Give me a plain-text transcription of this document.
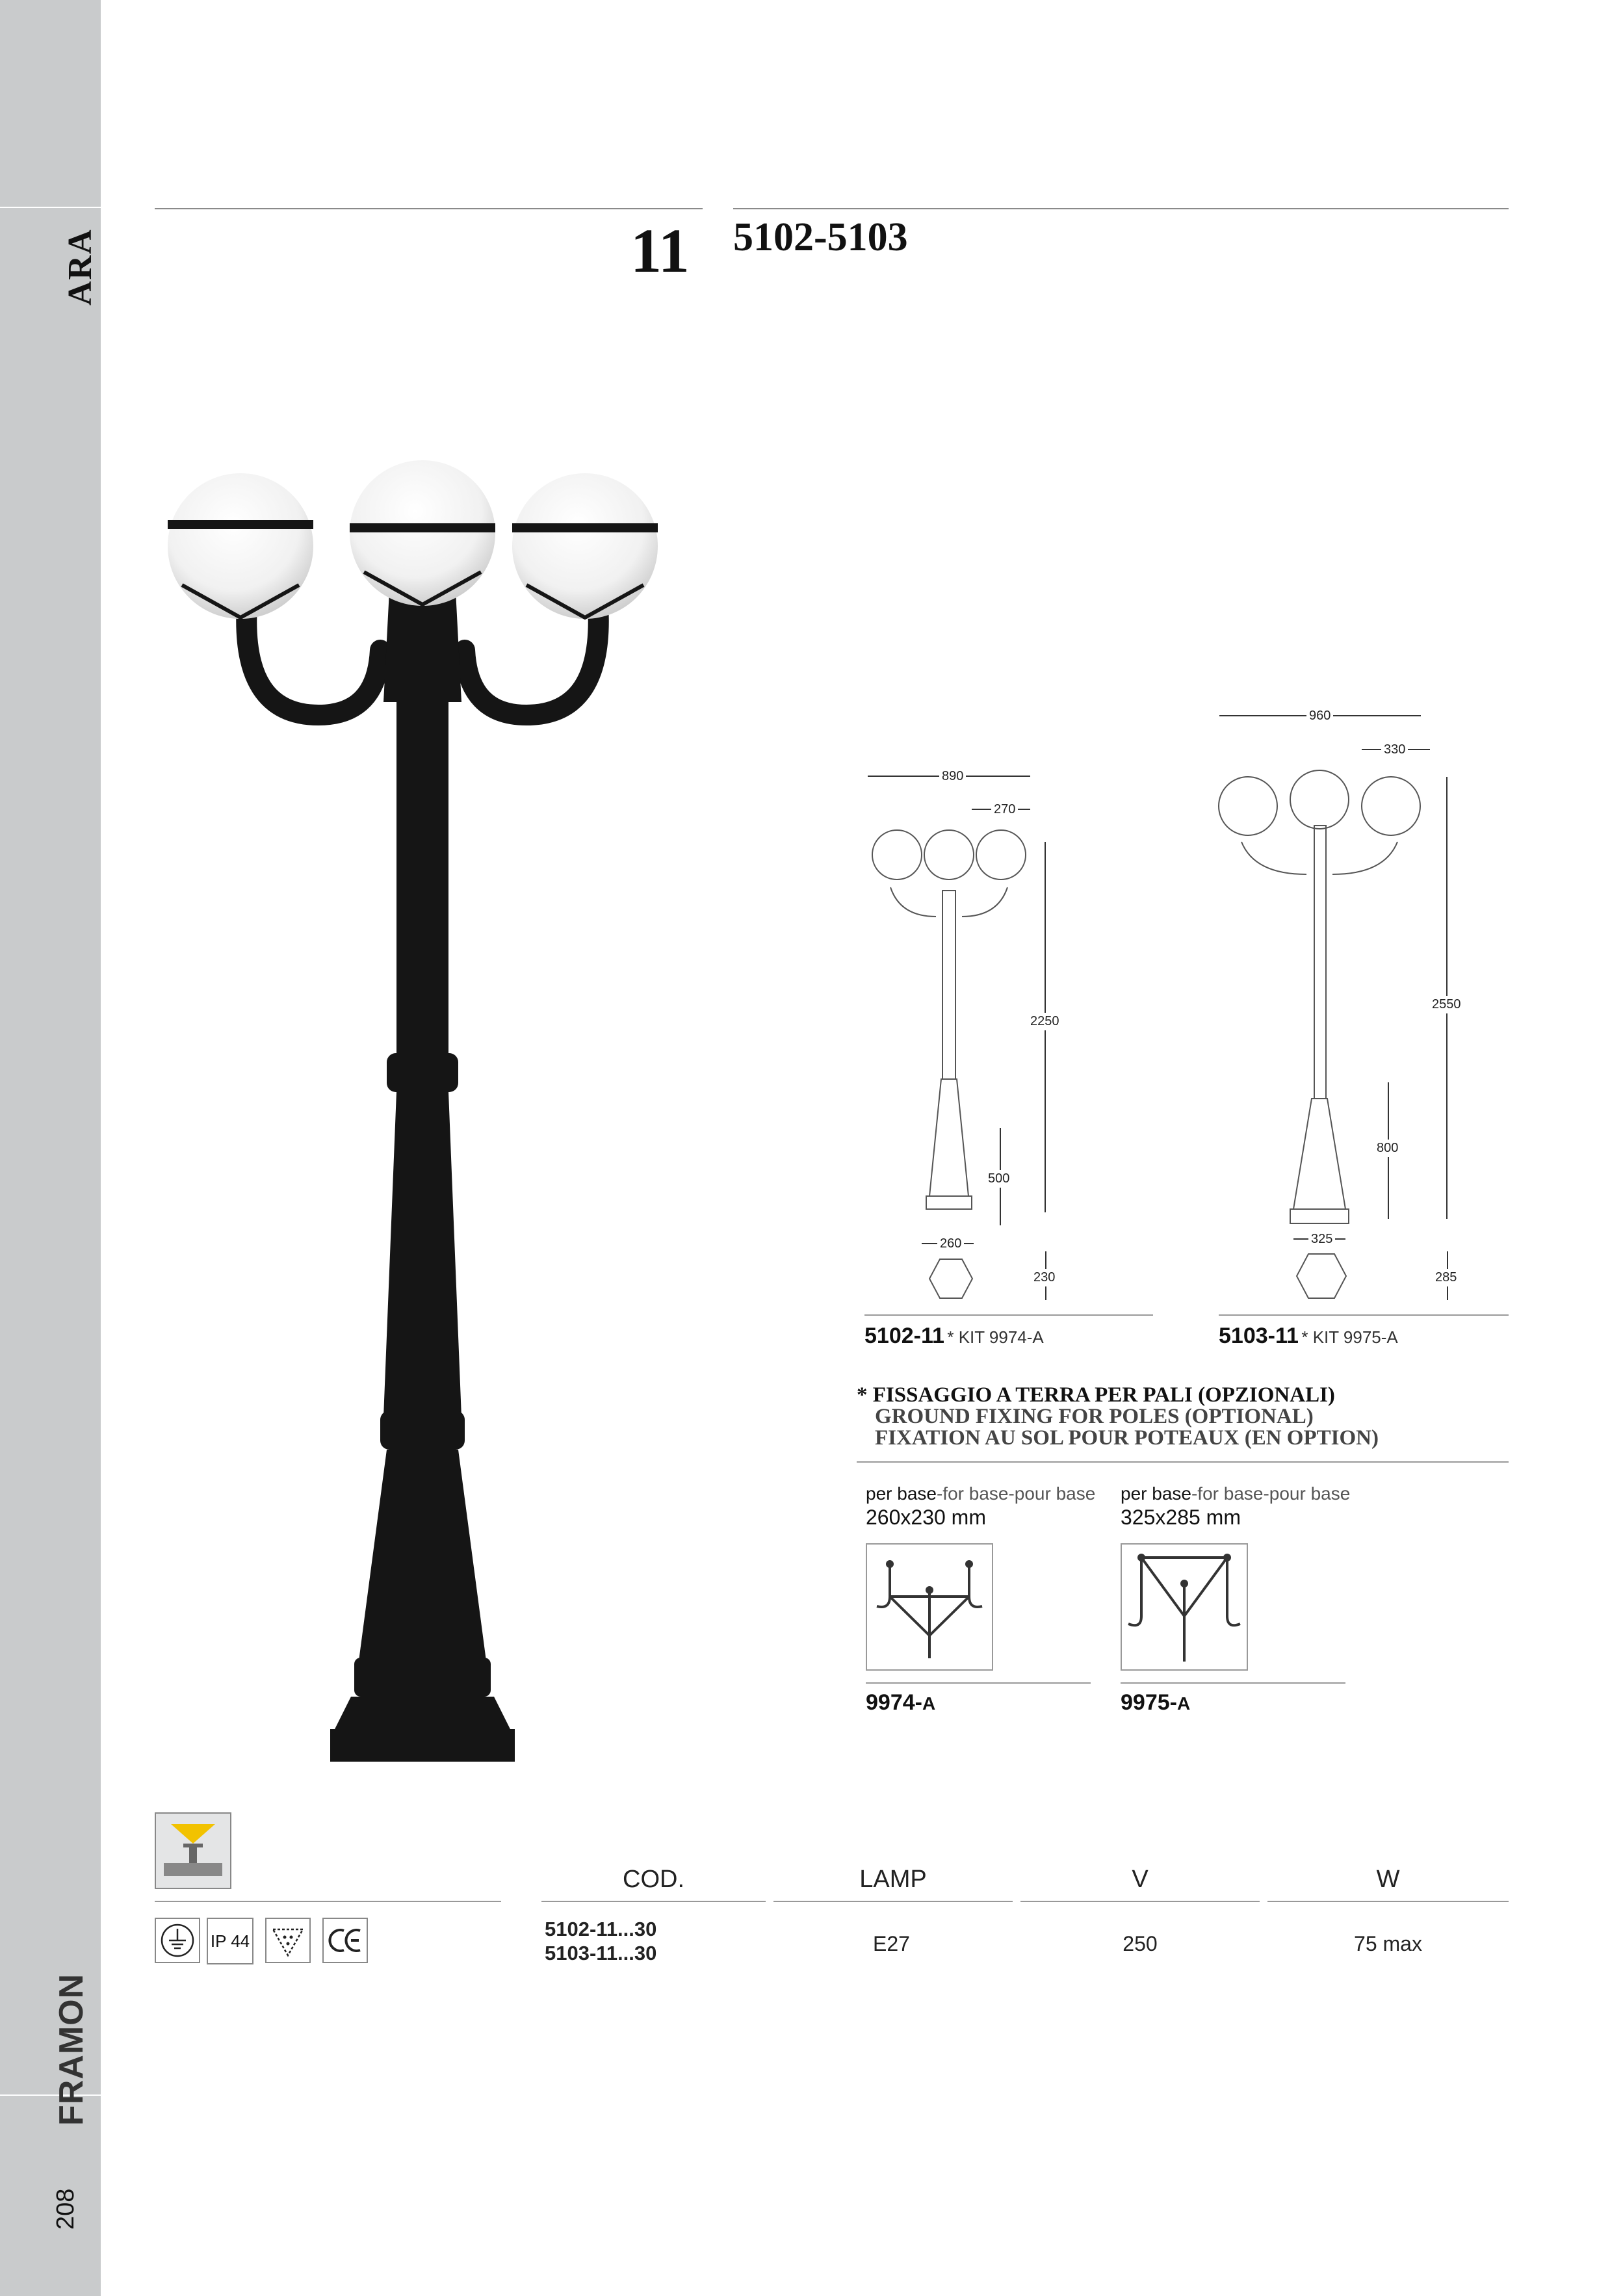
ARA
FRAMON
208
11 5102-5103
890
270
2250
500
260
230
5102-11 * KIT 9974-A
960
330
2550
800
325
285
5103-11 * KIT 9975-A
* FISSAGGIO A TERRA PER PALI (OPZIONALI)
GROUND FIXING FOR POLES (OPTIONAL)
FIXATION AU SOL POUR POTEAUX (EN OPTION)
per base-for base-pour base
260x230 mm
9974-A
per base-for base-pour base
325x285 mm
9975-A
IP 44
COD.	LAMP	V	W
5102-11...30
5103-11...30	E27	250	75 max
